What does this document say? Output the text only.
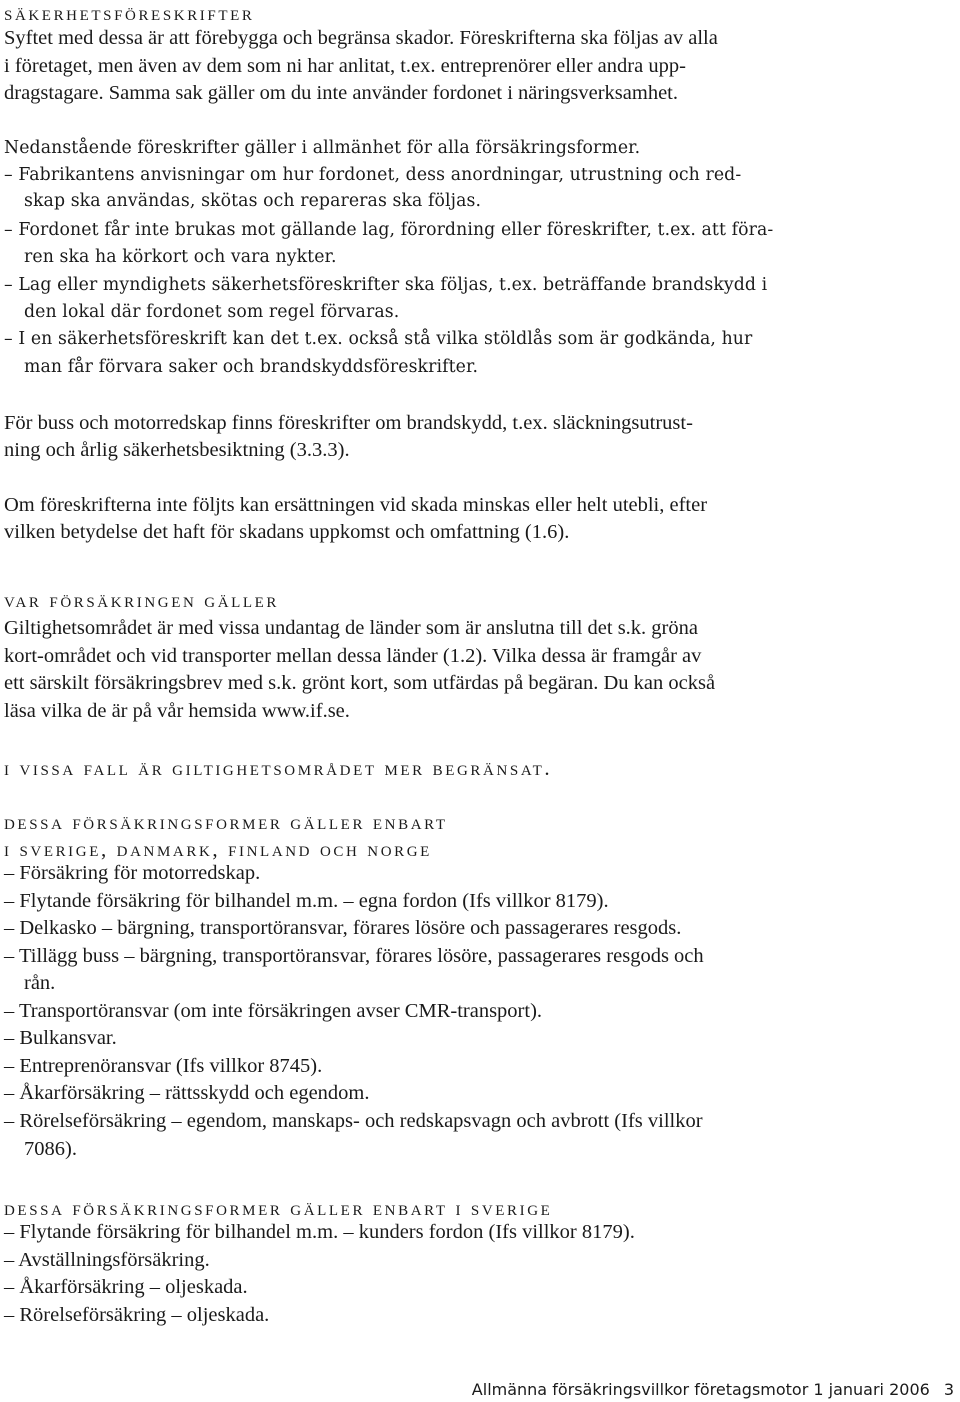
säkerhetsföreskrifter
Syftet med dessa är att förebygga och begränsa skador. Föreskrifterna ska följas av alla
i företaget, men även av dem som ni har anlitat, t.ex. entreprenörer eller andra upp-
dragstagare. Samma sak gäller om du inte använder fordonet i näringsverksamhet.
Nedanstående föreskrifter gäller i allmänhet för alla försäkringsformer.
– Fabrikantens anvisningar om hur fordonet, dess anordningar, utrustning och red-
skap ska användas, skötas och repareras ska följas.
– Fordonet får inte brukas mot gällande lag, förordning eller föreskrifter, t.ex. att föra-
ren ska ha körkort och vara nykter.
– Lag eller myndighets säkerhetsföreskrifter ska följas, t.ex. beträffande brandskydd i
den lokal där fordonet som regel förvaras.
– I en säkerhetsföreskrift kan det t.ex. också stå vilka stöldlås som är godkända, hur
man får förvara saker och brandskyddsföreskrifter.
För buss och motorredskap finns föreskrifter om brandskydd, t.ex. släckningsutrust-
ning och årlig säkerhetsbesiktning (3.3.3).
Om föreskrifterna inte följts kan ersättningen vid skada minskas eller helt utebli, efter
vilken betydelse det haft för skadans uppkomst och omfattning (1.6).
var försäkringen gäller
Giltighetsområdet är med vissa undantag de länder som är anslutna till det s.k. gröna
kort-området och vid transporter mellan dessa länder (1.2). Vilka dessa är framgår av
ett särskilt försäkringsbrev med s.k. grönt kort, som utfärdas på begäran. Du kan också
läsa vilka de är på vår hemsida www.if.se.
i vissa fall är giltighetsområdet mer begränsat.
dessa försäkringsformer gäller enbart
i sverige, danmark, finland och norge
– Försäkring för motorredskap.
– Flytande försäkring för bilhandel m.m. – egna fordon (Ifs villkor 8179).
– Delkasko – bärgning, transportöransvar, förares lösöre och passagerares resgods.
– Tillägg buss – bärgning, transportöransvar, förares lösöre, passagerares resgods och
rån.
– Transportöransvar (om inte försäkringen avser CMR-transport).
– Bulkansvar.
– Entreprenöransvar (Ifs villkor 8745).
– Åkarförsäkring – rättsskydd och egendom.
– Rörelseförsäkring – egendom, manskaps- och redskapsvagn och avbrott (Ifs villkor
7086).
dessa försäkringsformer gäller enbart i sverige
– Flytande försäkring för bilhandel m.m. – kunders fordon (Ifs villkor 8179).
– Avställningsförsäkring.
– Åkarförsäkring – oljeskada.
– Rörelseförsäkring – oljeskada.
Allmänna försäkringsvillkor företagsmotor 1 januari 2006 3
